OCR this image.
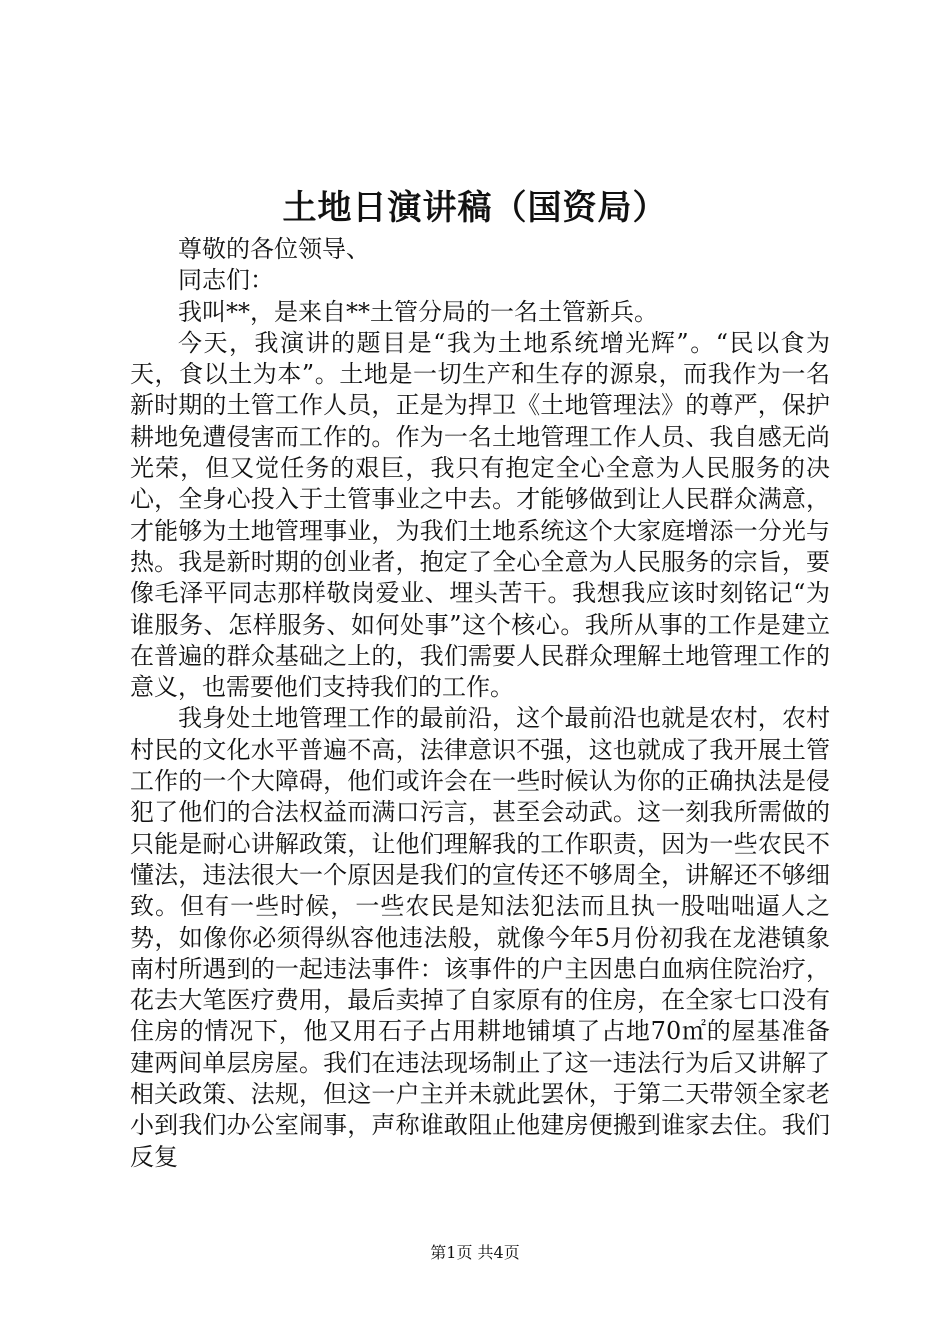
土地日演讲稿（国资局）

尊敬的各位领导、

同志们：

我叫**，是来自**土管分局的一名土管新兵。

今天，我演讲的题目是“我为土地系统增光辉”。“民以食为天，食以土为本”。土地是一切生产和生存的源泉，而我作为一名新时期的土管工作人员，正是为捍卫《土地管理法》的尊严，保护耕地免遭侵害而工作的。作为一名土地管理工作人员、我自感无尚光荣，但又觉任务的艰巨，我只有抱定全心全意为人民服务的决心，全身心投入于土管事业之中去。才能够做到让人民群众满意，才能够为土地管理事业，为我们土地系统这个大家庭增添一分光与热。我是新时期的创业者，抱定了全心全意为人民服务的宗旨，要像毛泽平同志那样敬岗爱业、埋头苦干。我想我应该时刻铭记“为谁服务、怎样服务、如何处事”这个核心。我所从事的工作是建立在普遍的群众基础之上的，我们需要人民群众理解土地管理工作的意义，也需要他们支持我们的工作。

我身处土地管理工作的最前沿，这个最前沿也就是农村，农村村民的文化水平普遍不高，法律意识不强，这也就成了我开展土管工作的一个大障碍，他们或许会在一些时候认为你的正确执法是侵犯了他们的合法权益而满口污言，甚至会动武。这一刻我所需做的只能是耐心讲解政策，让他们理解我的工作职责，因为一些农民不懂法，违法很大一个原因是我们的宣传还不够周全，讲解还不够细致。但有一些时候，一些农民是知法犯法而且执一股咄咄逼人之势，如像你必须得纵容他违法般，就像今年5月份初我在龙港镇象南村所遇到的一起违法事件：该事件的户主因患白血病住院治疗，花去大笔医疗费用，最后卖掉了自家原有的住房，在全家七口没有住房的情况下，他又用石子占用耕地铺填了占地70㎡的屋基准备建两间单层房屋。我们在违法现场制止了这一违法行为后又讲解了相关政策、法规，但这一户主并未就此罢休，于第二天带领全家老小到我们办公室闹事，声称谁敢阻止他建房便搬到谁家去住。我们反复

第1页 共4页
